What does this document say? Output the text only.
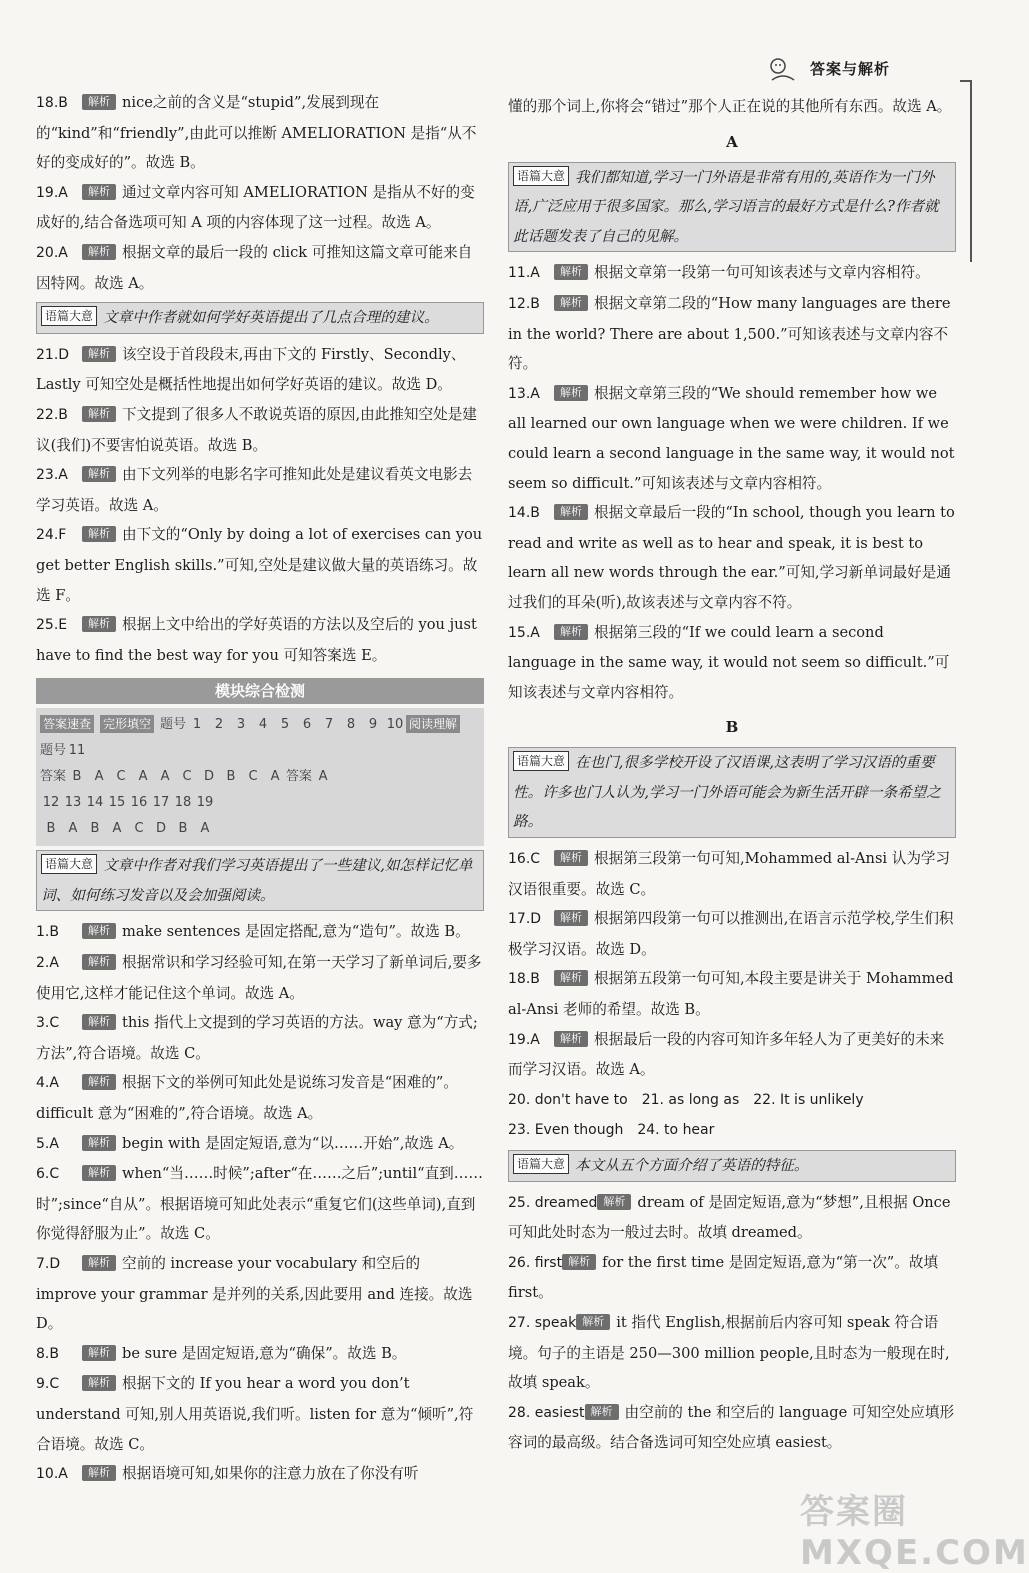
答案与解析
18.B 解析 nice之前的含义是“stupid”,发展到现在的“kind”和“friendly”,由此可以推断 AMELIORATION 是指“从不好的变成好的”。故选 B。
19.A 解析 通过文章内容可知 AMELIORATION 是指从不好的变成好的,结合备选项可知 A 项的内容体现了这一过程。故选 A。
20.A 解析 根据文章的最后一段的 click 可推知这篇文章可能来自因特网。故选 A。
语篇大意 文章中作者就如何学好英语提出了几点合理的建议。
21.D 解析 该空设于首段段末,再由下文的 Firstly、Secondly、Lastly 可知空处是概括性地提出如何学好英语的建议。故选 D。
22.B 解析 下文提到了很多人不敢说英语的原因,由此推知空处是建议(我们)不要害怕说英语。故选 B。
23.A 解析 由下文列举的电影名字可推知此处是建议看英文电影去学习英语。故选 A。
24.F 解析 由下文的“Only by doing a lot of exercises can you get better English skills.”可知,空处是建议做大量的英语练习。故选 F。
25.E 解析 根据上文中给出的学好英语的方法以及空后的 you just have to find the best way for you 可知答案选 E。
模块综合检测
答案速查 完形填空 题号 1 2 3 4 5 6 7 8 9 10 阅读理解题号 11
答案 B A C A A C D B C A 答案 A
12 13 14 15 16 17 18 19
B A B A C D B A
语篇大意 文章中作者对我们学习英语提出了一些建议,如怎样记忆单词、如何练习发音以及会加强阅读。
1.B	解析 make sentences 是固定搭配,意为“造句”。故选 B。
2.A	解析 根据常识和学习经验可知,在第一天学习了新单词后,要多使用它,这样才能记住这个单词。故选 A。
3.C	解析 this 指代上文提到的学习英语的方法。way 意为“方式;方法”,符合语境。故选 C。
4.A	解析 根据下文的举例可知此处是说练习发音是“困难的”。difficult 意为“困难的”,符合语境。故选 A。
5.A	解析 begin with 是固定短语,意为“以……开始”,故选 A。
6.C	解析 when“当……时候”;after“在……之后”;until“直到……时”;since“自从”。根据语境可知此处表示“重复它们(这些单词),直到你觉得舒服为止”。故选 C。
7.D	解析 空前的 increase your vocabulary 和空后的 improve your grammar 是并列的关系,因此要用 and 连接。故选 D。
8.B	解析 be sure 是固定短语,意为“确保”。故选 B。
9.C	解析 根据下文的 If you hear a word you don’t understand 可知,别人用英语说,我们听。listen for 意为“倾听”,符合语境。故选 C。
10.A 解析 根据语境可知,如果你的注意力放在了你没有听
懂的那个词上,你将会“错过”那个人正在说的其他所有东西。故选 A。
A
语篇大意 我们都知道,学习一门外语是非常有用的,英语作为一门外语,广泛应用于很多国家。那么,学习语言的最好方式是什么?作者就此话题发表了自己的见解。
11.A 解析 根据文章第一段第一句可知该表述与文章内容相符。
12.B 解析 根据文章第二段的“How many languages are there in the world? There are about 1,500.”可知该表述与文章内容不符。
13.A 解析 根据文章第三段的“We should remember how we all learned our own language when we were children. If we could learn a second language in the same way, it would not seem so difficult.”可知该表述与文章内容相符。
14.B 解析 根据文章最后一段的“In school, though you learn to read and write as well as to hear and speak, it is best to learn all new words through the ear.”可知,学习新单词最好是通过我们的耳朵(听),故该表述与文章内容不符。
15.A 解析 根据第三段的“If we could learn a second language in the same way, it would not seem so difficult.”可知该表述与文章内容相符。
B
语篇大意 在也门,很多学校开设了汉语课,这表明了学习汉语的重要性。许多也门人认为,学习一门外语可能会为新生活开辟一条希望之路。
16.C 解析 根据第三段第一句可知,Mohammed al-Ansi 认为学习汉语很重要。故选 C。
17.D 解析 根据第四段第一句可以推测出,在语言示范学校,学生们积极学习汉语。故选 D。
18.B 解析 根据第五段第一句可知,本段主要是讲关于 Mohammed al-Ansi 老师的希望。故选 B。
19.A 解析 根据最后一段的内容可知许多年轻人为了更美好的未来而学习汉语。故选 A。
20. don't have to 21. as long as 22. It is unlikely
23. Even though 24. to hear
语篇大意 本文从五个方面介绍了英语的特征。
25. dreamed 解析 dream of 是固定短语,意为“梦想”,且根据 Once 可知此处时态为一般过去时。故填 dreamed。
26. first 解析 for the first time 是固定短语,意为“第一次”。故填 first。
27. speak 解析 it 指代 English,根据前后内容可知 speak 符合语境。句子的主语是 250—300 million people,且时态为一般现在时,故填 speak。
28. easiest 解析 由空前的 the 和空后的 language 可知空处应填形容词的最高级。结合备选词可知空处应填 easiest。
答案圈 MXQE.COM
